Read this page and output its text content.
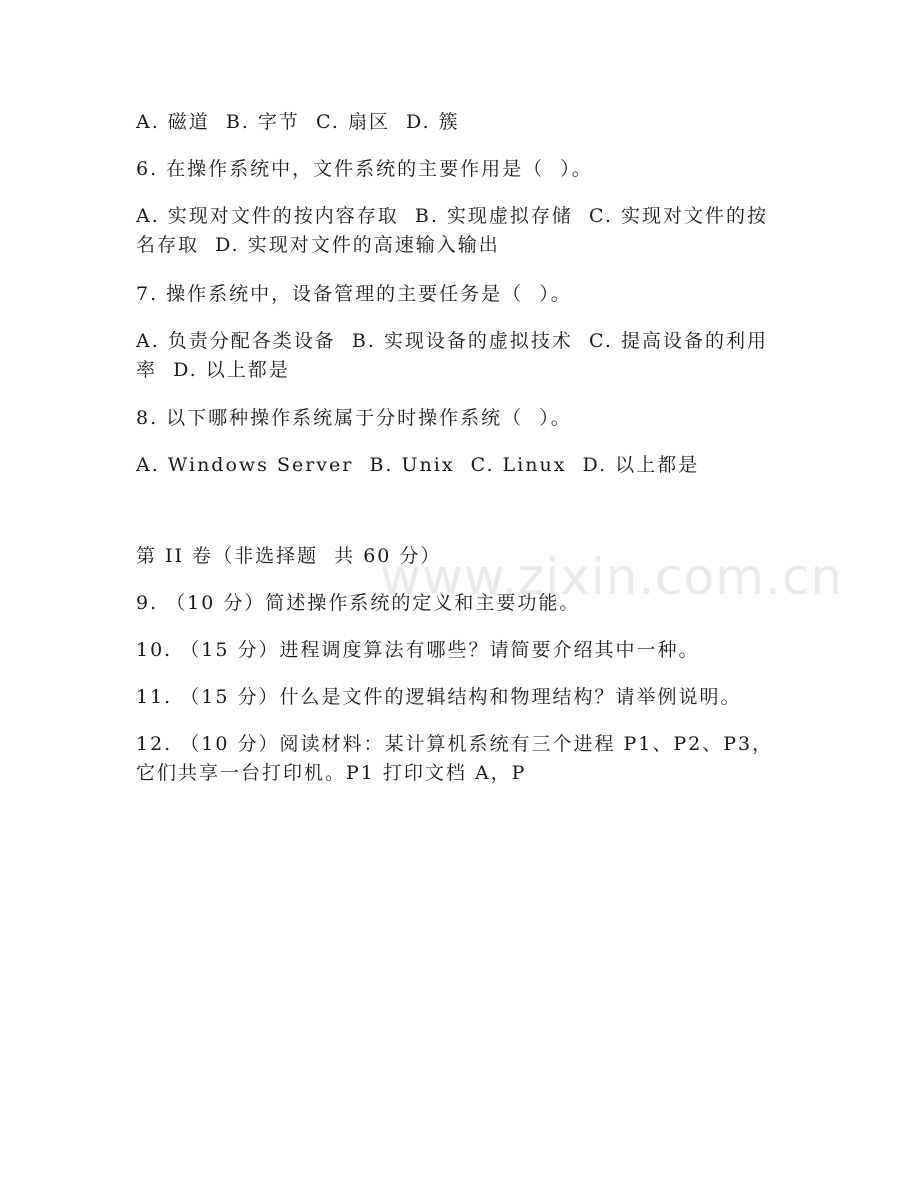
A. 磁道  B. 字节  C. 扇区  D. 簇
6. 在操作系统中，文件系统的主要作用是（  ）。
A. 实现对文件的按内容存取  B. 实现虚拟存储  C. 实现对文件的按名存取  D. 实现对文件的高速输入输出
7. 操作系统中，设备管理的主要任务是（  ）。
A. 负责分配各类设备  B. 实现设备的虚拟技术  C. 提高设备的利用率  D. 以上都是
8. 以下哪种操作系统属于分时操作系统（  ）。
A. Windows Server  B. Unix  C. Linux  D. 以上都是
第 II 卷（非选择题  共 60 分）
9. （10 分）简述操作系统的定义和主要功能。
10. （15 分）进程调度算法有哪些？请简要介绍其中一种。
11. （15 分）什么是文件的逻辑结构和物理结构？请举例说明。
12. （10 分）阅读材料：某计算机系统有三个进程 P1、P2、P3，它们共享一台打印机。P1 打印文档 A，P
www.zixin.com.cn
